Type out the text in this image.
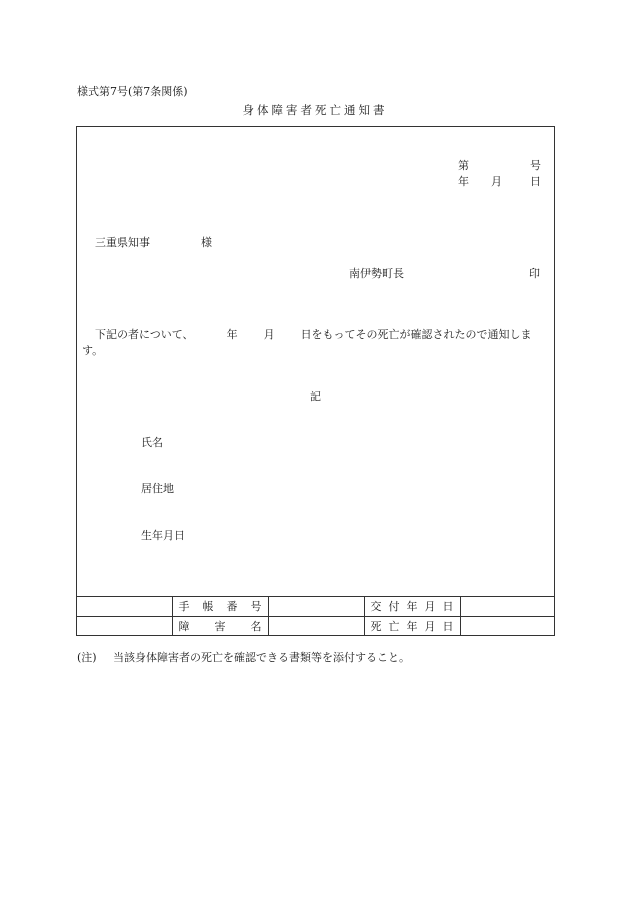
様式第7号(第7条関係)
身体障害者死亡通知書
第	号
年 月	日
三重県知事	様
南伊勢町長	印
下記の者について、	年 月 日をもってその死亡が確認されたので通知しま
す。
記
氏名
居住地
生年月日

	手 帳 番 号		交 付 年 月 日	

	障 害 名		死 亡 年 月 日	

(注) 当該身体障害者の死亡を確認できる書類等を添付すること。
